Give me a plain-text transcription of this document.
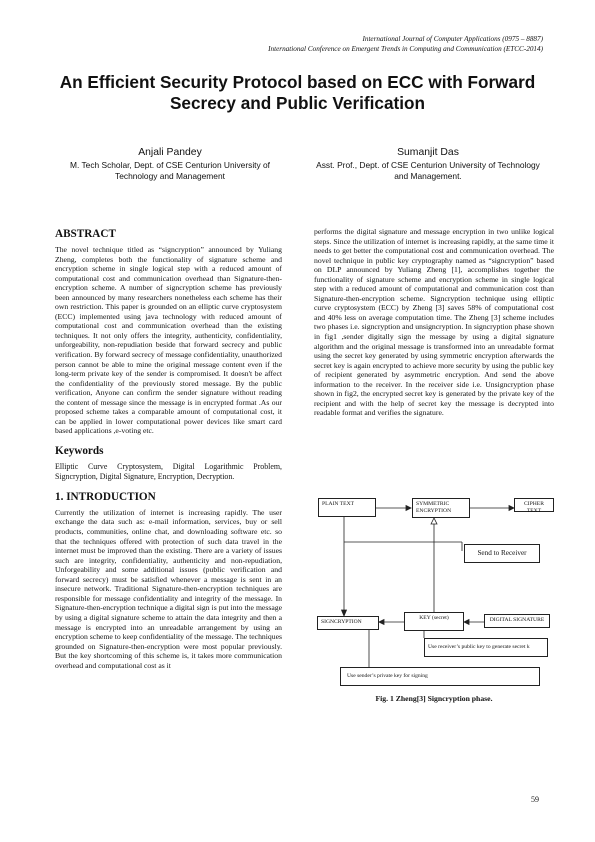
International Journal of Computer Applications (0975 – 8887)
International Conference on Emergent Trends in Computing and Communication (ETCC-2014)
An Efficient Security Protocol based on ECC with Forward Secrecy and Public Verification
Anjali Pandey
M. Tech Scholar, Dept. of CSE Centurion University of Technology and Management
Sumanjit Das
Asst. Prof., Dept. of CSE Centurion University of Technology and Management.
ABSTRACT

The novel technique titled as “signcryption” announced by Yuliang Zheng, completes both the functionality of signature scheme and encryption scheme in single logical step with a reduced amount of computational cost and communication overhead than Signature-then-encryption scheme. A number of signcryption scheme has previously been announced by many researchers nonetheless each scheme has their own restriction. This paper is grounded on an elliptic curve cryptosystem (ECC) implemented using java technology with reduced amount of computational cost and communication overhead than the existing techniques. It not only offers the integrity, authenticity, confidentiality, unforgeability, non-repudiation beside that forward secrecy and public verification. By forward secrecy of message confidentiality, unauthorized person cannot be able to mine the original message content even if the long-term private key of the sender is compromised. It doesn't be affect the confidentiality of the previously stored message. By the public verification, Anyone can confirm the sender signature without reading the content of message since the message is in encrypted format .As our proposed scheme takes a comparable amount of computational cost, it can be applied in lower computational power devices like smart card based applications ,e-voting etc.

Keywords

Elliptic Curve Cryptosystem, Digital Logarithmic Problem, Signcryption, Digital Signature, Encryption, Decryption.

1. INTRODUCTION

Currently the utilization of internet is increasing rapidly. The user exchange the data such as: e-mail information, services, buy or sell products, communities, online chat, and downloading software etc. so that the techniques offered with protection of such data travel in the internet must be improved than the existing. There are a variety of issues such are integrity, confidentiality, authenticity and non-repudiation, Unforgeability and some additional issues (public verification and forward secrecy) must be satisfied whenever a message is sent in an insecure network. Traditional Signature-then-encryption techniques are responsible for message confidentiality and integrity of the message. In Signature-then-encryption technique a digital sign is put into the message by using a digital signature scheme to attain the data integrity and then a message is encrypted into an unreadable arrangement by using an encryption scheme to keep confidentiality of the message. The techniques grounded on Signature-then-encryption were most popular previously. But the key shortcoming of this scheme is, it takes more communication overhead and computational cost as it

performs the digital signature and message encryption in two unlike logical steps. Since the utilization of internet is increasing rapidly, at the same time it needs to get better the computational cost and communication overhead. The novel technique in public key cryptography named as “signcryption” based on DLP announced by Yuliang Zheng [1], accomplishes together the functionality of signature scheme and encryption scheme in single logical step with a reduced amount of computational and communication cost than Signature-then-encryption scheme. Signcryption technique using elliptic curve cryptosystem (ECC) by Zheng [3] saves 58% of computational cost and 40% less on average computation time. The Zheng [3] scheme includes two phases i.e. signcryption and unsigncryption. In signcryption phase shown in fig1 ,sender digitally sign the message by using a digital signature algorithm and the original message is transformed into an unreadable format using the secret key generated by using symmetric encryption afterwards the secret key is again encrypted to achieve more security by using the public key of recipient generated by asymmetric encryption. And send the above information to the receiver. In the receiver side i.e. Unsigncryption phase shown in fig2, the encrypted secret key is generated by the private key of the recipient and with the help of secret key the message is decrypted into readable format and verifies the signature.

PLAIN TEXT	SYMMETRIC ENCRYPTION
CIPHER TEXT
Send to Receiver
SIGNCRYPTION
KEY (secret)	DIGITAL SIGNATURE
Use receiver’s public key to generate secret k
Use sender’s private key for signing
Fig. 1 Zheng[3] Signcryption phase.
59
